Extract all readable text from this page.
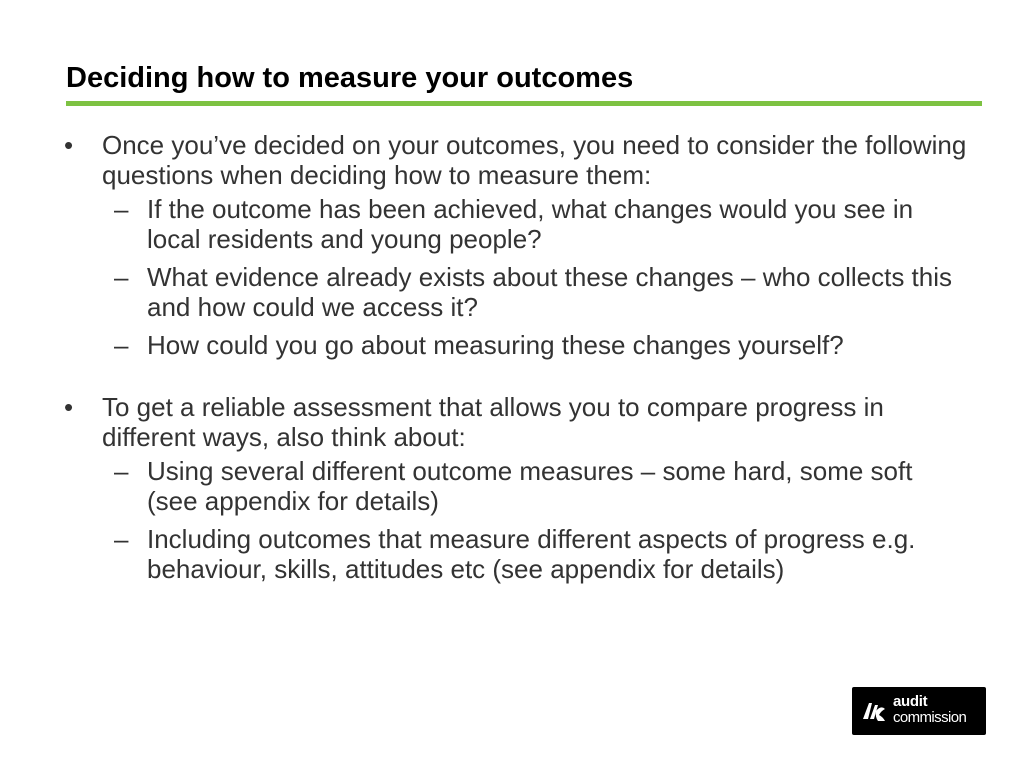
Deciding how to measure your outcomes
• Once you’ve decided on your outcomes, you need to consider the following questions when deciding how to measure them:
– If the outcome has been achieved, what changes would you see in local residents and young people?
– What evidence already exists about these changes – who collects this and how could we access it?
– How could you go about measuring these changes yourself?
• To get a reliable assessment that allows you to compare progress in different ways, also think about:
– Using several different outcome measures – some hard, some soft (see appendix for details)
– Including outcomes that measure different aspects of progress e.g. behaviour, skills, attitudes etc (see appendix for details)
audit
commission
